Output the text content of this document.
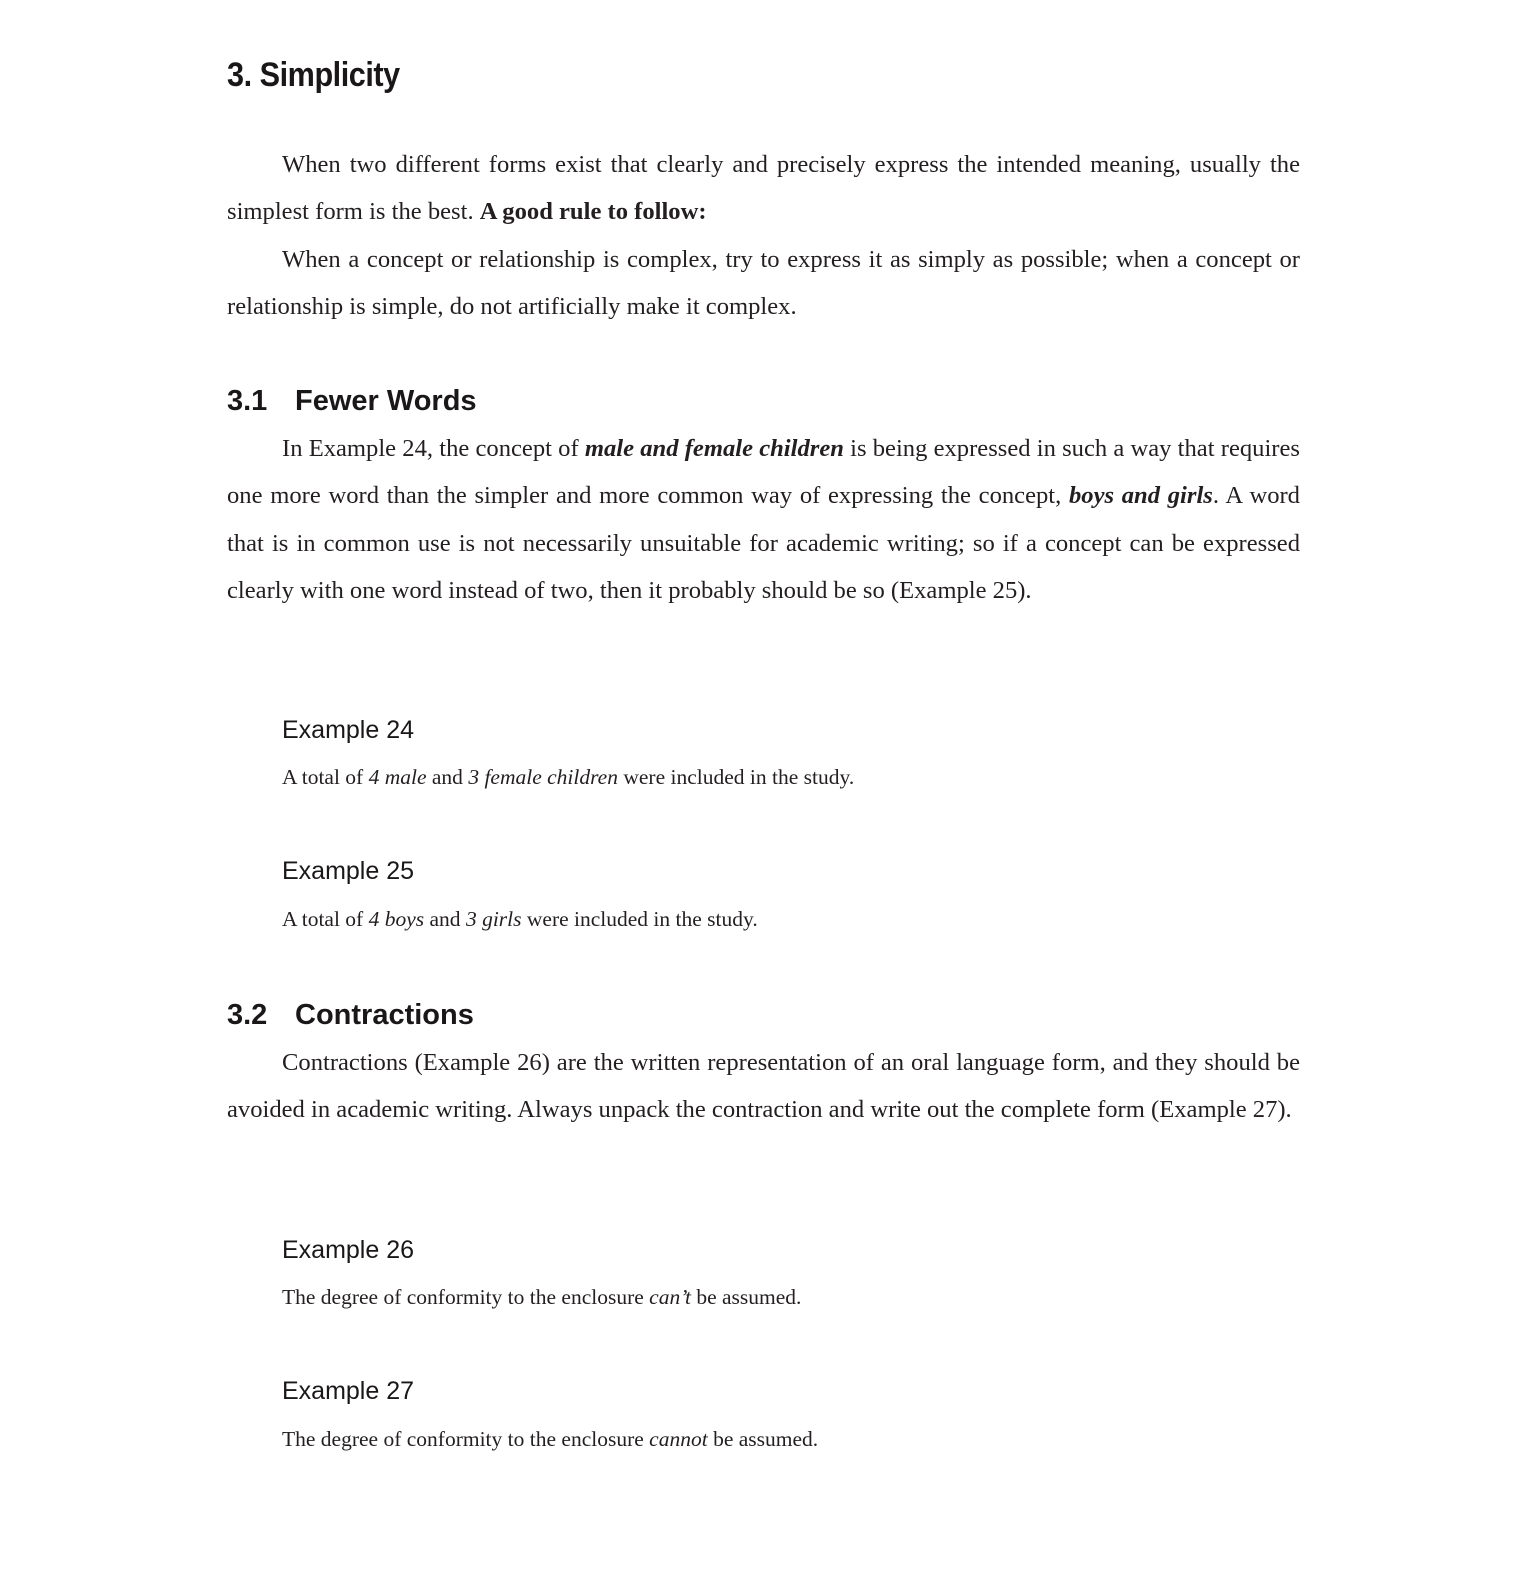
3. Simplicity

When two different forms exist that clearly and precisely express the intended meaning, usually the simplest form is the best. A good rule to follow:

When a concept or relationship is complex, try to express it as simply as possible; when a concept or relationship is simple, do not artificially make it complex.

3.1 Fewer Words

In Example 24, the concept of male and female children is being expressed in such a way that requires one more word than the simpler and more common way of expressing the concept, boys and girls. A word that is in common use is not necessarily unsuitable for academic writing; so if a concept can be expressed clearly with one word instead of two, then it probably should be so (Example 25).

Example 24

A total of 4 male and 3 female children were included in the study.

Example 25

A total of 4 boys and 3 girls were included in the study.

3.2 Contractions

Contractions (Example 26) are the written representation of an oral language form, and they should be avoided in academic writing. Always unpack the contraction and write out the complete form (Example 27).

Example 26

The degree of conformity to the enclosure can’t be assumed.

Example 27

The degree of conformity to the enclosure cannot be assumed.
